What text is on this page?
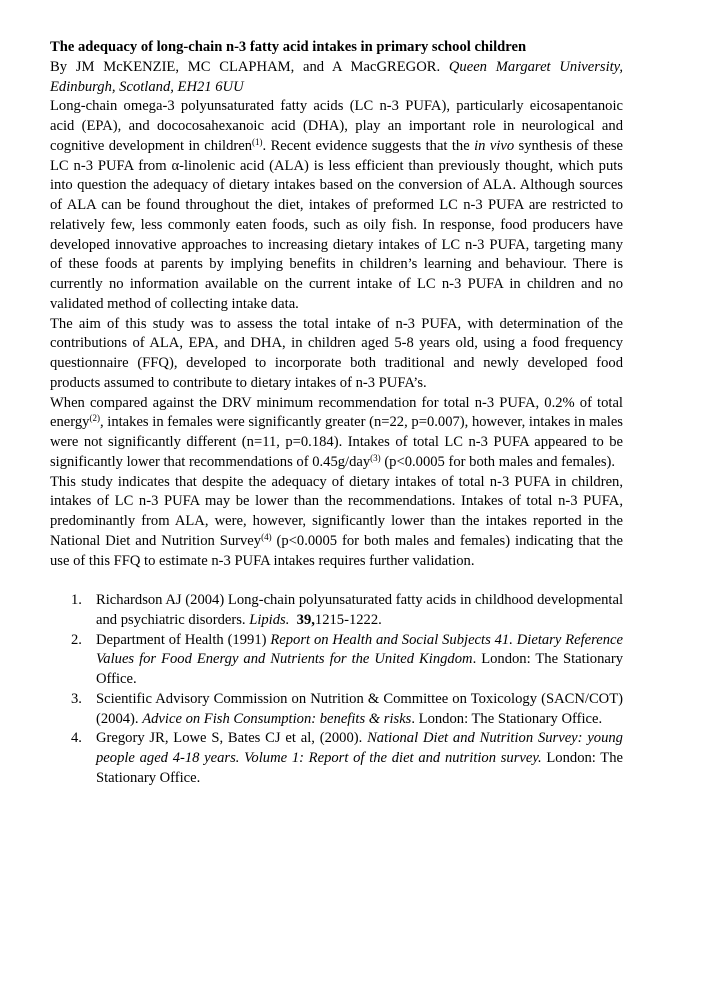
The adequacy of long-chain n-3 fatty acid intakes in primary school children

By JM McKENZIE, MC CLAPHAM, and A MacGREGOR. Queen Margaret University, Edinburgh, Scotland, EH21 6UU

Long-chain omega-3 polyunsaturated fatty acids (LC n-3 PUFA), particularly eicosapentanoic acid (EPA), and dococosahexanoic acid (DHA), play an important role in neurological and cognitive development in children$^{(1)}$. Recent evidence suggests that the in vivo synthesis of these LC n-3 PUFA from α-linolenic acid (ALA) is less efficient than previously thought, which puts into question the adequacy of dietary intakes based on the conversion of ALA. Although sources of ALA can be found throughout the diet, intakes of preformed LC n-3 PUFA are restricted to relatively few, less commonly eaten foods, such as oily fish. In response, food producers have developed innovative approaches to increasing dietary intakes of LC n-3 PUFA, targeting many of these foods at parents by implying benefits in children’s learning and behaviour. There is currently no information available on the current intake of LC n-3 PUFA in children and no validated method of collecting intake data.

The aim of this study was to assess the total intake of n-3 PUFA, with determination of the contributions of ALA, EPA, and DHA, in children aged 5-8 years old, using a food frequency questionnaire (FFQ), developed to incorporate both traditional and newly developed food products assumed to contribute to dietary intakes of n-3 PUFA’s.

When compared against the DRV minimum recommendation for total n-3 PUFA, 0.2% of total energy$^{(2)}$, intakes in females were significantly greater (n=22, p=0.007), however, intakes in males were not significantly different (n=11, p=0.184). Intakes of total LC n-3 PUFA appeared to be significantly lower that recommendations of 0.45g/day$^{(3)}$ (p<0.0005 for both males and females).

This study indicates that despite the adequacy of dietary intakes of total n-3 PUFA in children, intakes of LC n-3 PUFA may be lower than the recommendations. Intakes of total n-3 PUFA, predominantly from ALA, were, however, significantly lower than the intakes reported in the National Diet and Nutrition Survey$^{(4)}$ (p<0.0005 for both males and females) indicating that the use of this FFQ to estimate n-3 PUFA intakes requires further validation.

1. Richardson AJ (2004) Long-chain polyunsaturated fatty acids in childhood developmental and psychiatric disorders. Lipids. 39,1215-1222.
2. Department of Health (1991) Report on Health and Social Subjects 41. Dietary Reference Values for Food Energy and Nutrients for the United Kingdom. London: The Stationary Office.
3. Scientific Advisory Commission on Nutrition & Committee on Toxicology (SACN/COT) (2004). Advice on Fish Consumption: benefits & risks. London: The Stationary Office.
4. Gregory JR, Lowe S, Bates CJ et al, (2000). National Diet and Nutrition Survey: young people aged 4-18 years. Volume 1: Report of the diet and nutrition survey. London: The Stationary Office.
